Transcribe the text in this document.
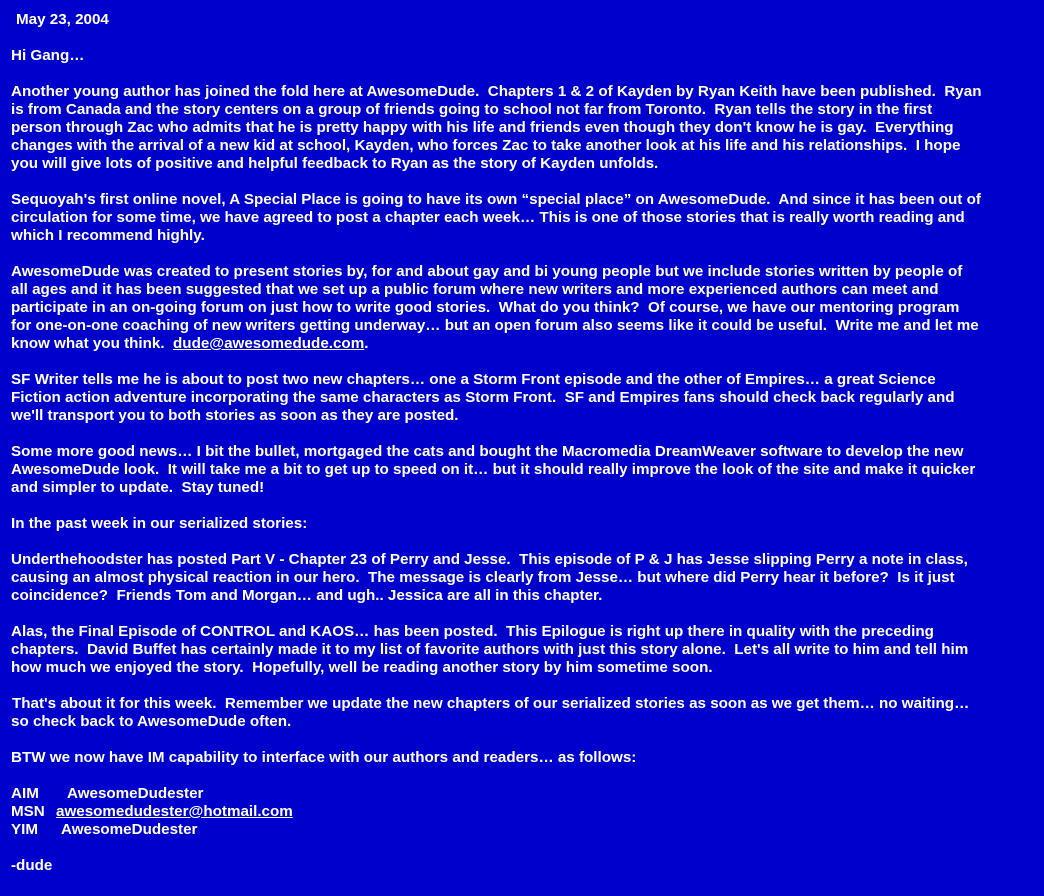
May 23, 2004
Hi Gang…
Another young author has joined the fold here at AwesomeDude.  Chapters 1 & 2 of Kayden by Ryan Keith have been published.  Ryan
is from Canada and the story centers on a group of friends going to school not far from Toronto.  Ryan tells the story in the first
person through Zac who admits that he is pretty happy with his life and friends even though they don't know he is gay.  Everything
changes with the arrival of a new kid at school, Kayden, who forces Zac to take another look at his life and his relationships.  I hope
you will give lots of positive and helpful feedback to Ryan as the story of Kayden unfolds.
Sequoyah's first online novel, A Special Place is going to have its own “special place” on AwesomeDude.  And since it has been out of
circulation for some time, we have agreed to post a chapter each week… This is one of those stories that is really worth reading and
which I recommend highly.
AwesomeDude was created to present stories by, for and about gay and bi young people but we include stories written by people of
all ages and it has been suggested that we set up a public forum where new writers and more experienced authors can meet and
participate in an on-going forum on just how to write good stories.  What do you think?  Of course, we have our mentoring program
for one-on-one coaching of new writers getting underway… but an open forum also seems like it could be useful.  Write me and let me
know what you think.  dude@awesomedude.com.
SF Writer tells me he is about to post two new chapters… one a Storm Front episode and the other of Empires… a great Science
Fiction action adventure incorporating the same characters as Storm Front.  SF and Empires fans should check back regularly and
we'll transport you to both stories as soon as they are posted.
Some more good news… I bit the bullet, mortgaged the cats and bought the Macromedia DreamWeaver software to develop the new
AwesomeDude look.  It will take me a bit to get up to speed on it… but it should really improve the look of the site and make it quicker
and simpler to update.  Stay tuned!
In the past week in our serialized stories:
Underthehoodster has posted Part V - Chapter 23 of Perry and Jesse.  This episode of P & J has Jesse slipping Perry a note in class,
causing an almost physical reaction in our hero.  The message is clearly from Jesse… but where did Perry hear it before?  Is it just
coincidence?  Friends Tom and Morgan… and ugh.. Jessica are all in this chapter.
Alas, the Final Episode of CONTROL and KAOS… has been posted.  This Epilogue is right up there in quality with the preceding
chapters.  David Buffet has certainly made it to my list of favorite authors with just this story alone.  Let's all write to him and tell him
how much we enjoyed the story.  Hopefully, well be reading another story by him sometime soon.
That's about it for this week.  Remember we update the new chapters of our serialized stories as soon as we get them… no waiting…
so check back to AwesomeDude often.
BTW we now have IM capability to interface with our authors and readers… as follows:
AIM AwesomeDudester
MSN awesomedudester@hotmail.com
YIM AwesomeDudester
-dude
